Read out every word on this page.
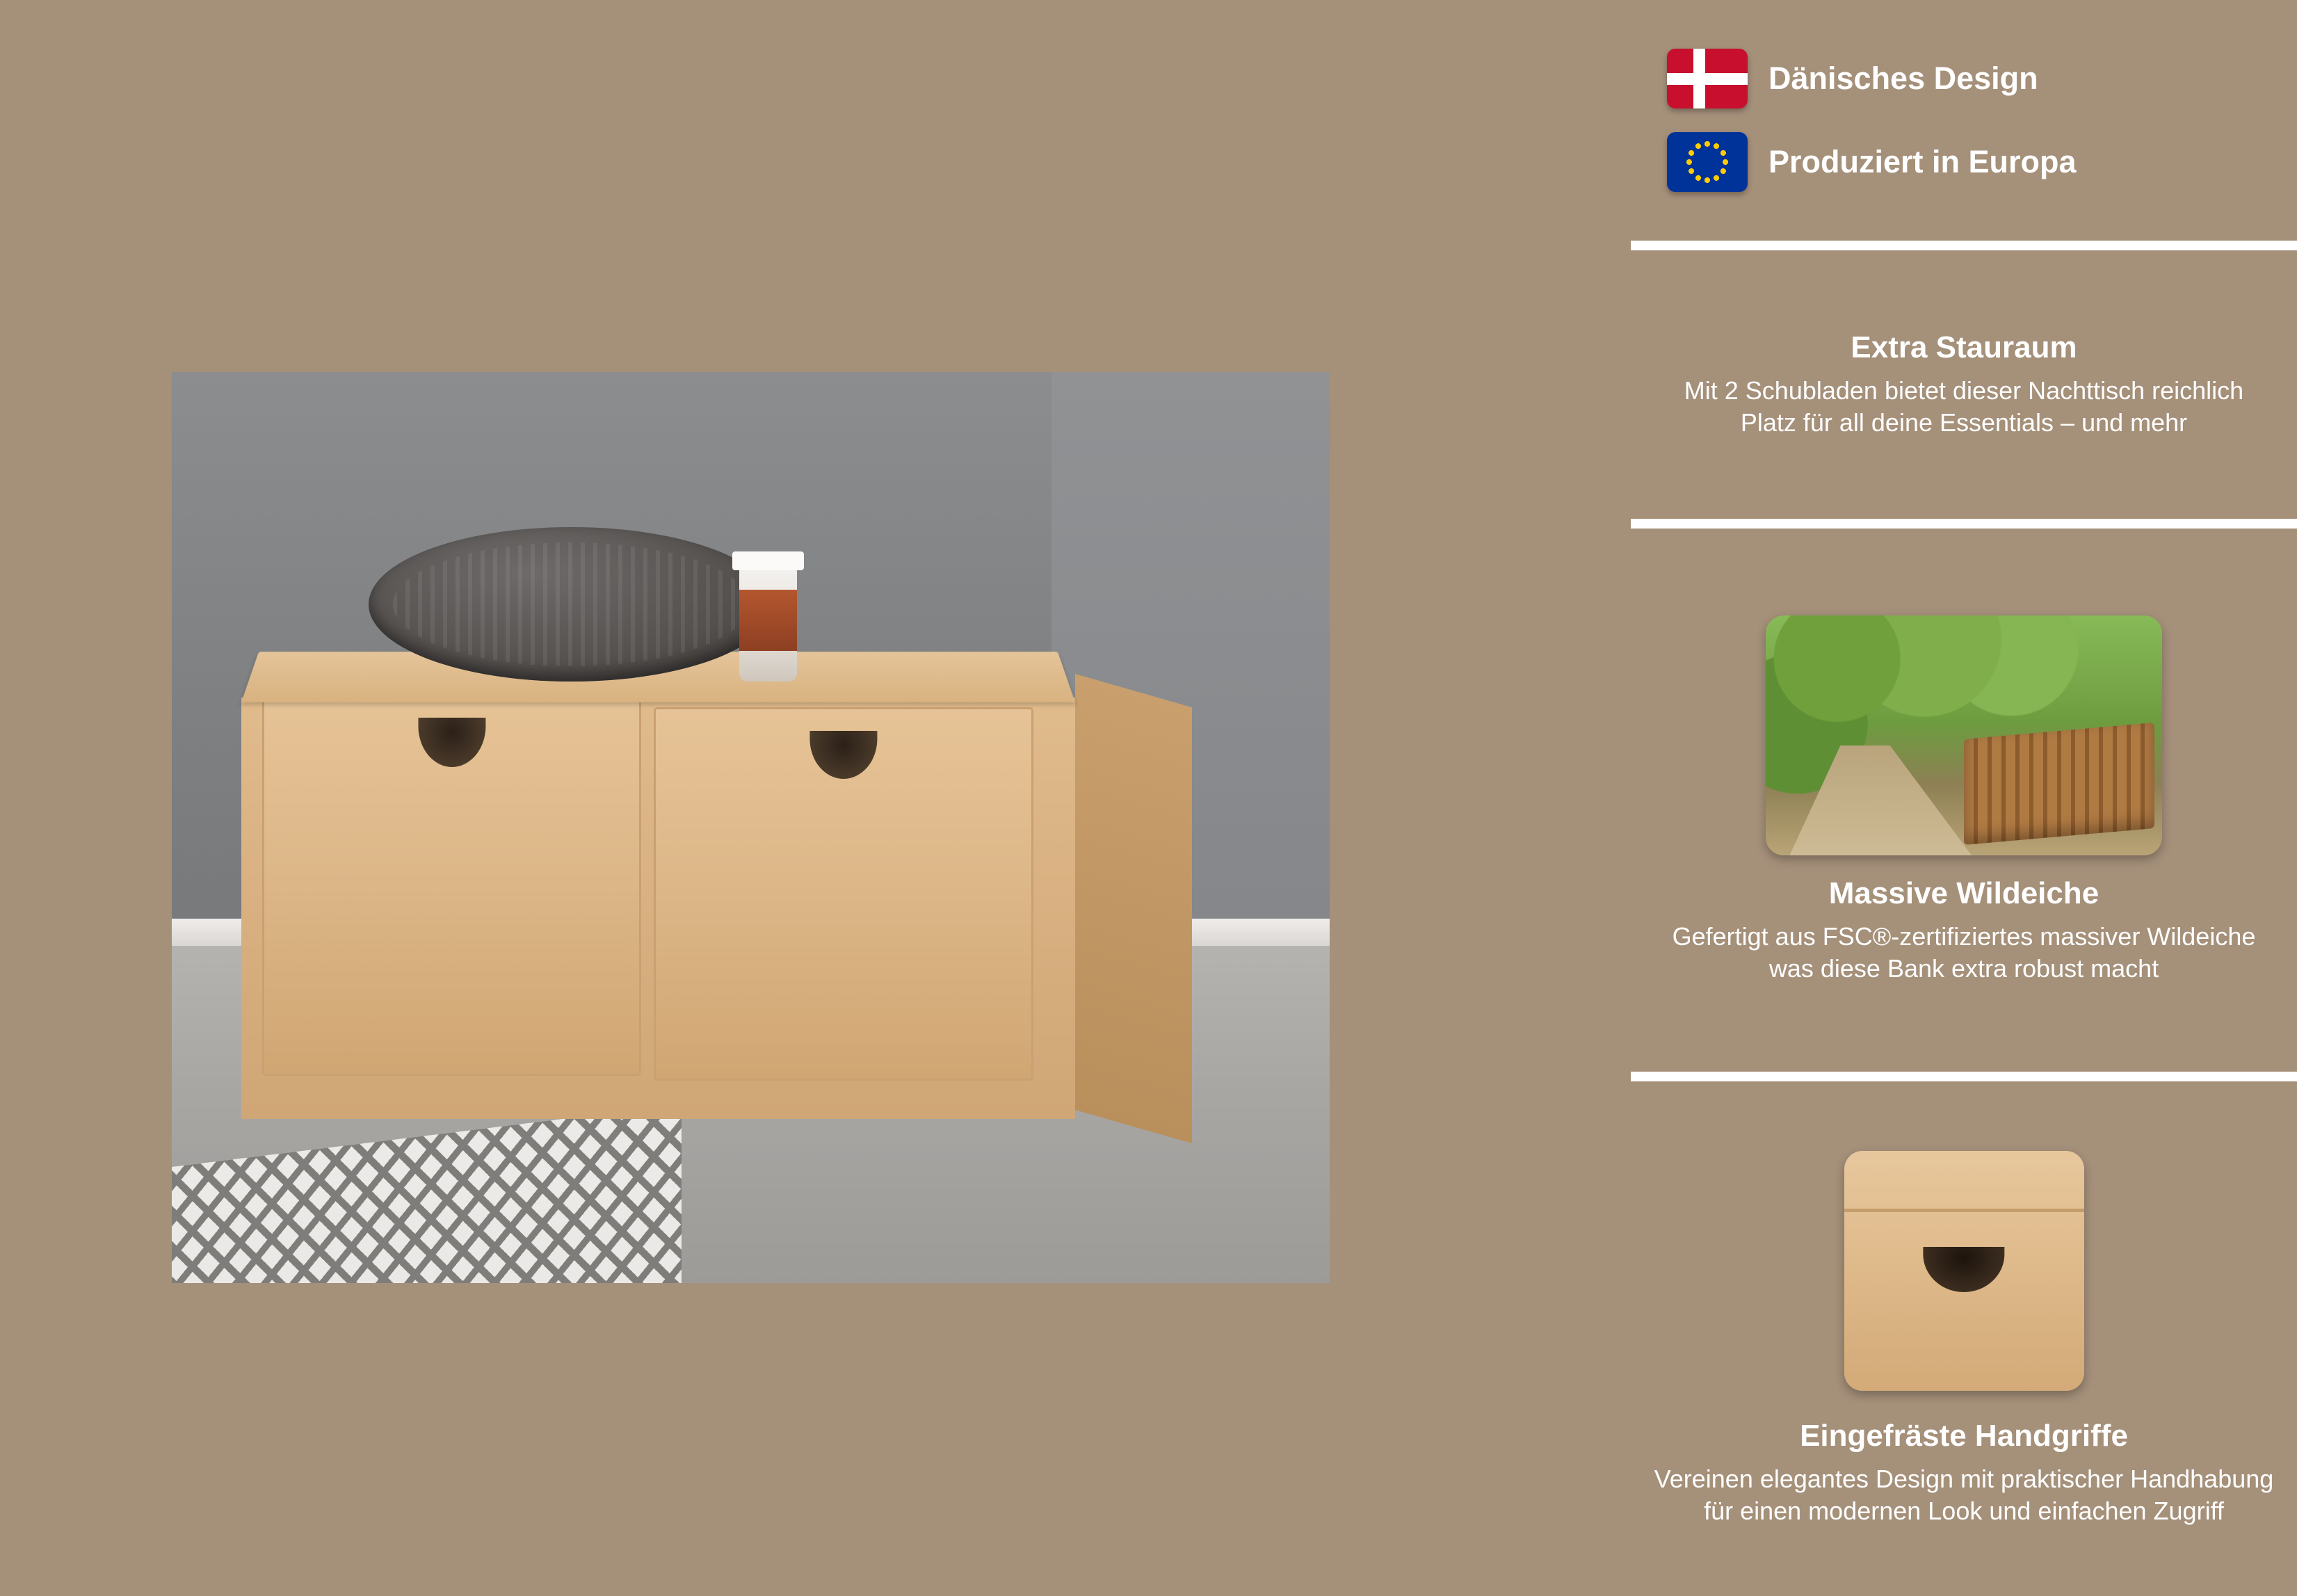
Dänisches Design
Produziert in Europa
Extra Stauraum
Mit 2 Schubladen bietet dieser Nachttisch reichlich Platz für all deine Essentials – und mehr
Massive Wildeiche
Gefertigt aus FSC®-zertifiziertes massiver Wildeiche was diese Bank extra robust macht
Eingefräste Handgriffe
Vereinen elegantes Design mit praktischer Handhabung für einen modernen Look und einfachen Zugriff
